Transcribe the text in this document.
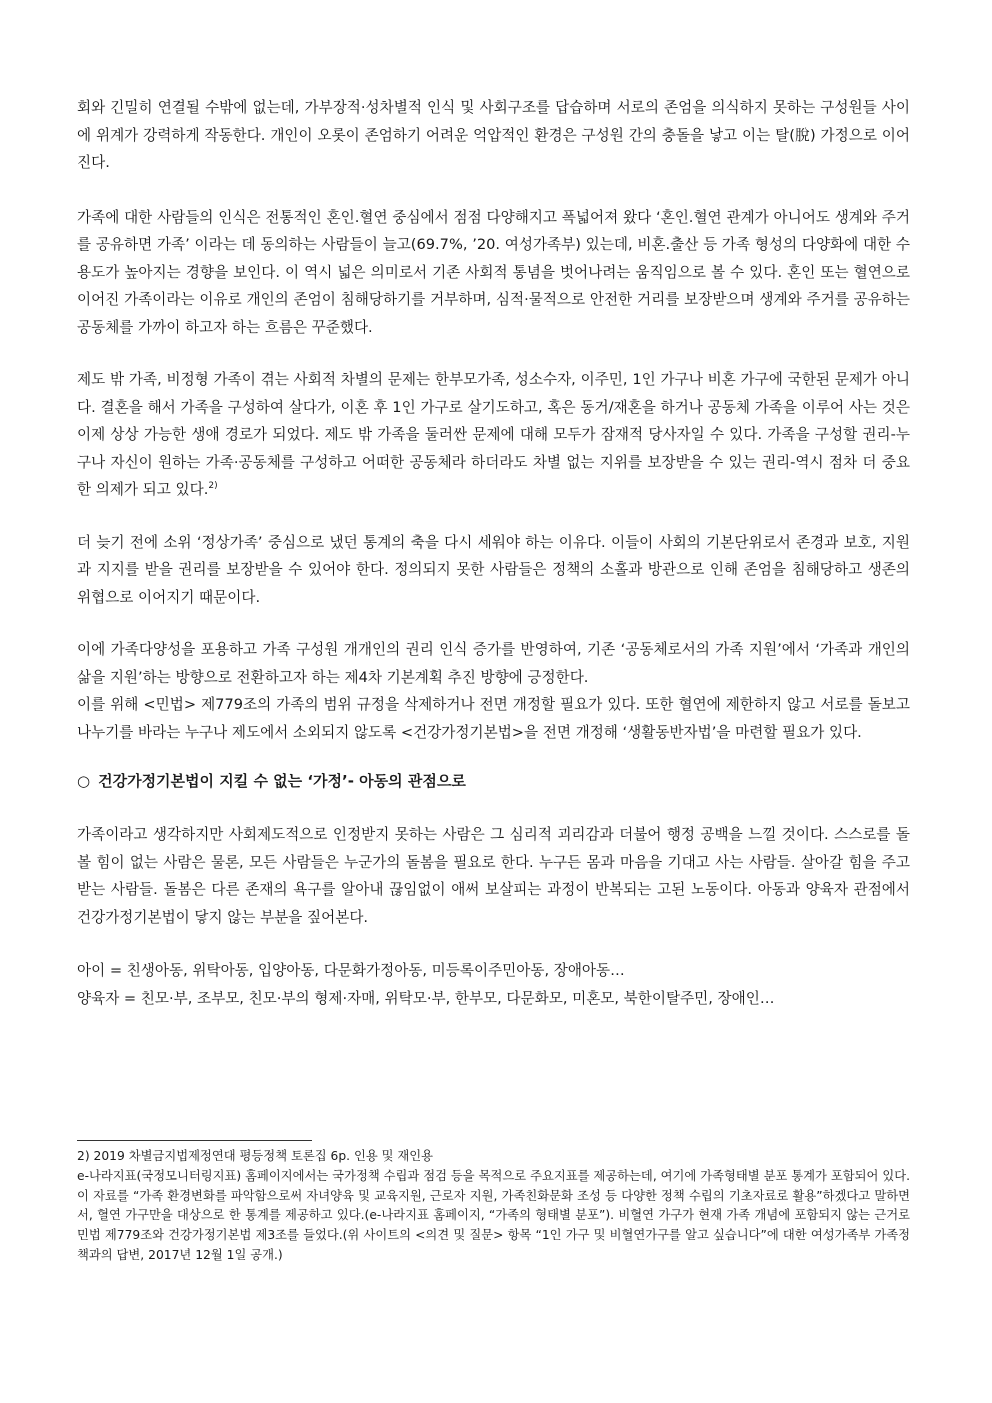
회와 긴밀히 연결될 수밖에 없는데, 가부장적·성차별적 인식 및 사회구조를 답습하며 서로의 존엄을 의식하지 못하는 구성원들 사이에 위계가 강력하게 작동한다. 개인이 오롯이 존엄하기 어려운 억압적인 환경은 구성원 간의 충돌을 낳고 이는 탈(脫) 가정으로 이어진다.

가족에 대한 사람들의 인식은 전통적인 혼인.혈연 중심에서 점점 다양해지고 폭넓어져 왔다 ‘혼인.혈연 관계가 아니어도 생계와 주거를 공유하면 가족’ 이라는 데 동의하는 사람들이 늘고(69.7%, ’20. 여성가족부) 있는데, 비혼.출산 등 가족 형성의 다양화에 대한 수용도가 높아지는 경향을 보인다. 이 역시 넓은 의미로서 기존 사회적 통념을 벗어나려는 움직임으로 볼 수 있다. 혼인 또는 혈연으로 이어진 가족이라는 이유로 개인의 존엄이 침해당하기를 거부하며, 심적·물적으로 안전한 거리를 보장받으며 생계와 주거를 공유하는 공동체를 가까이 하고자 하는 흐름은 꾸준했다.

제도 밖 가족, 비정형 가족이 겪는 사회적 차별의 문제는 한부모가족, 성소수자, 이주민, 1인 가구나 비혼 가구에 국한된 문제가 아니다. 결혼을 해서 가족을 구성하여 살다가, 이혼 후 1인 가구로 살기도하고, 혹은 동거/재혼을 하거나 공동체 가족을 이루어 사는 것은 이제 상상 가능한 생애 경로가 되었다. 제도 밖 가족을 둘러싼 문제에 대해 모두가 잠재적 당사자일 수 있다. 가족을 구성할 권리-누구나 자신이 원하는 가족·공동체를 구성하고 어떠한 공동체라 하더라도 차별 없는 지위를 보장받을 수 있는 권리-역시 점차 더 중요한 의제가 되고 있다.$^{2)}$

더 늦기 전에 소위 ‘정상가족’ 중심으로 냈던 통계의 축을 다시 세워야 하는 이유다. 이들이 사회의 기본단위로서 존경과 보호, 지원과 지지를 받을 권리를 보장받을 수 있어야 한다. 정의되지 못한 사람들은 정책의 소홀과 방관으로 인해 존엄을 침해당하고 생존의 위협으로 이어지기 때문이다.

이에 가족다양성을 포용하고 가족 구성원 개개인의 권리 인식 증가를 반영하여, 기존 ‘공동체로서의 가족 지원’에서 ‘가족과 개인의 삶을 지원’하는 방향으로 전환하고자 하는 제4차 기본계획 추진 방향에 긍정한다.

이를 위해 <민법> 제779조의 가족의 범위 규정을 삭제하거나 전면 개정할 필요가 있다. 또한 혈연에 제한하지 않고 서로를 돌보고 나누기를 바라는 누구나 제도에서 소외되지 않도록 <건강가정기본법>을 전면 개정해 ‘생활동반자법’을 마련할 필요가 있다.

○ 건강가정기본법이 지킬 수 없는 ‘가정’- 아동의 관점으로

가족이라고 생각하지만 사회제도적으로 인정받지 못하는 사람은 그 심리적 괴리감과 더불어 행정 공백을 느낄 것이다. 스스로를 돌볼 힘이 없는 사람은 물론, 모든 사람들은 누군가의 돌봄을 필요로 한다. 누구든 몸과 마음을 기대고 사는 사람들. 살아갈 힘을 주고받는 사람들. 돌봄은 다른 존재의 욕구를 알아내 끊임없이 애써 보살피는 과정이 반복되는 고된 노동이다. 아동과 양육자 관점에서 건강가정기본법이 닿지 않는 부분을 짚어본다.

아이 = 친생아동, 위탁아동, 입양아동, 다문화가정아동, 미등록이주민아동, 장애아동…

양육자 = 친모·부, 조부모, 친모·부의 형제·자매, 위탁모·부, 한부모, 다문화모, 미혼모, 북한이탈주민, 장애인…

2) 2019 차별금지법제정연대 평등정책 토론집 6p. 인용 및 재인용

e-나라지표(국정모니터링지표) 홈페이지에서는 국가정책 수립과 점검 등을 목적으로 주요지표를 제공하는데, 여기에 가족형태별 분포 통계가 포함되어 있다. 이 자료를 “가족 환경변화를 파악함으로써 자녀양육 및 교육지원, 근로자 지원, 가족친화문화 조성 등 다양한 정책 수립의 기초자료로 활용”하겠다고 말하면서, 혈연 가구만을 대상으로 한 통계를 제공하고 있다.(e-나라지표 홈페이지, “가족의 형태별 분포”). 비혈연 가구가 현재 가족 개념에 포함되지 않는 근거로 민법 제779조와 건강가정기본법 제3조를 들었다.(위 사이트의 <의견 및 질문> 항목 “1인 가구 및 비혈연가구를 알고 싶습니다”에 대한 여성가족부 가족정책과의 답변, 2017년 12월 1일 공개.)
